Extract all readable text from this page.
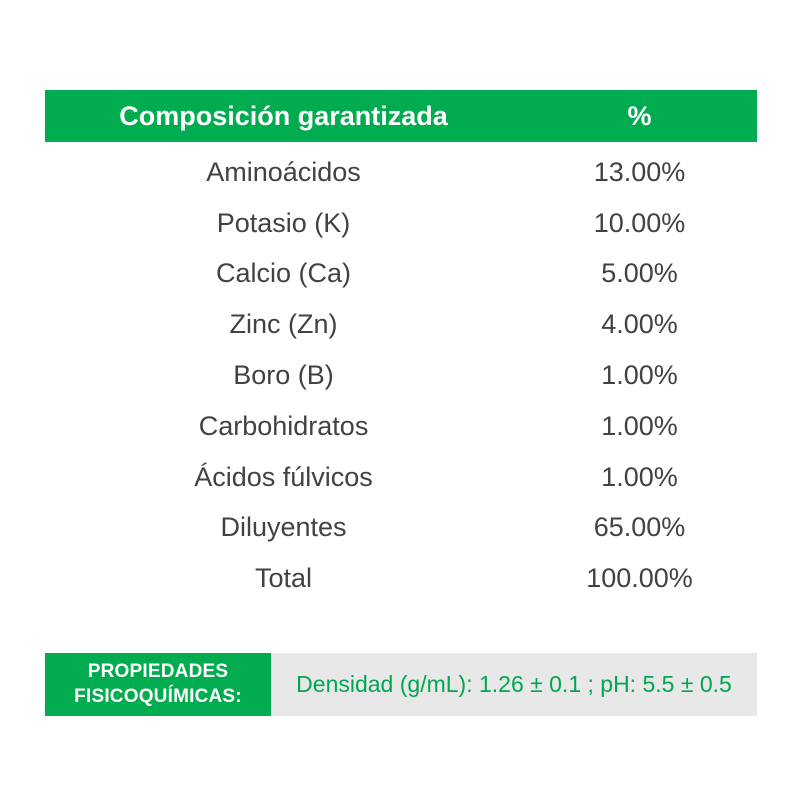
Composición garantizada	%
Aminoácidos	13.00%
Potasio (K)	10.00%
Calcio (Ca)	5.00%
Zinc (Zn)	4.00%
Boro (B)	1.00%
Carbohidratos	1.00%
Ácidos fúlvicos	1.00%
Diluyentes	65.00%
Total	100.00%
PROPIEDADES
FISICOQUÍMICAS:	Densidad (g/mL): 1.26 ± 0.1 ; pH: 5.5 ± 0.5
